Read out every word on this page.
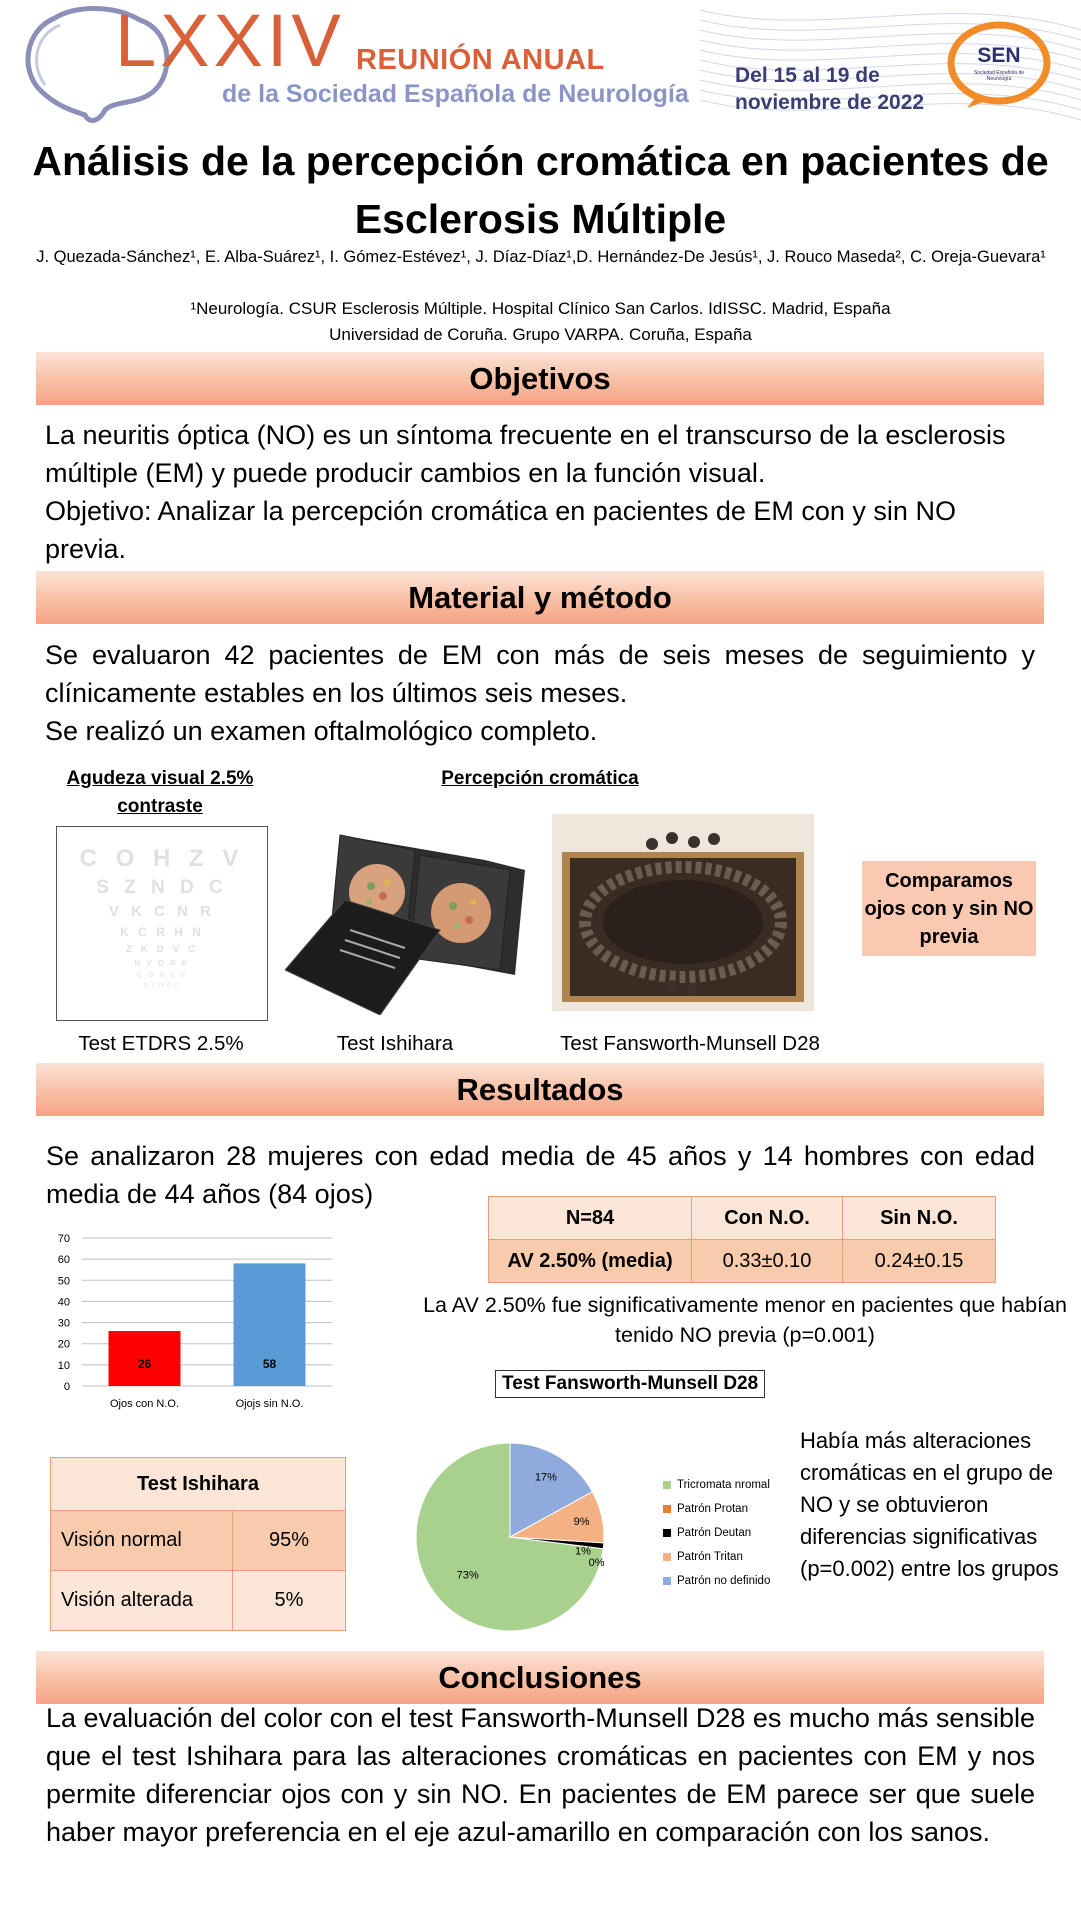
LXXIV REUNIÓN ANUAL
de la Sociedad Española de Neurología
Del 15 al 19 de
noviembre de 2022
SEN
Sociedad Española de Neurología
Análisis de la percepción cromática en pacientes de
Esclerosis Múltiple
J. Quezada-Sánchez¹, E. Alba-Suárez¹, I. Gómez-Estévez¹, J. Díaz-Díaz¹,D. Hernández-De Jesús¹, J. Rouco Maseda², C. Oreja-Guevara¹
¹Neurología. CSUR Esclerosis Múltiple. Hospital Clínico San Carlos. IdISSC. Madrid, España
Universidad de Coruña. Grupo VARPA. Coruña, España
Objetivos
La neuritis óptica (NO) es un síntoma frecuente en el transcurso de la esclerosis múltiple (EM) y puede producir cambios en la función visual.
Objetivo: Analizar la percepción cromática en pacientes de EM con y sin NO previa.
Material y método
Se evaluaron 42 pacientes de EM con más de seis meses de seguimiento y clínicamente estables en los últimos seis meses.
Se realizó un examen oftalmológico completo.
Agudeza visual 2.5%
contraste
Percepción cromática
C O H Z V
S Z N D C
V K C N R
K C R H N
Z K D V C
H V D R K
C O H Z V
S Z N D C
Test ETDRS 2.5%	Test Ishihara	Test Fansworth-Munsell D28
Comparamos ojos con y sin NO previa
Resultados
Se analizaron 28 mujeres con edad media de 45 años y 14 hombres con edad media de 44 años (84 ojos)
0
10
20
30
40
50
60
70
26
Ojos con N.O.
58
Ojojs sin N.O.
N=84	Con N.O.	Sin N.O.
AV 2.50% (media)	0.33±0.10	0.24±0.15
La AV 2.50% fue significativamente menor en pacientes que habían tenido NO previa (p=0.001)
Test Fansworth-Munsell D28
73%
0%
1%
9%
17%
Tricromata nromal
Patrón Protan
Patrón Deutan
Patrón Tritan
Patrón no definido
Había más alteraciones cromáticas en el grupo de NO y se obtuvieron diferencias significativas (p=0.002) entre los grupos
Test Ishihara	
Visión normal	95%
Visión alterada	5%
Conclusiones
La evaluación del color con el test Fansworth-Munsell D28 es mucho más sensible que el test Ishihara para las alteraciones cromáticas en pacientes con EM y nos permite diferenciar ojos con y sin NO. En pacientes de EM parece ser que suele haber mayor preferencia en el eje azul-amarillo en comparación con los sanos.
